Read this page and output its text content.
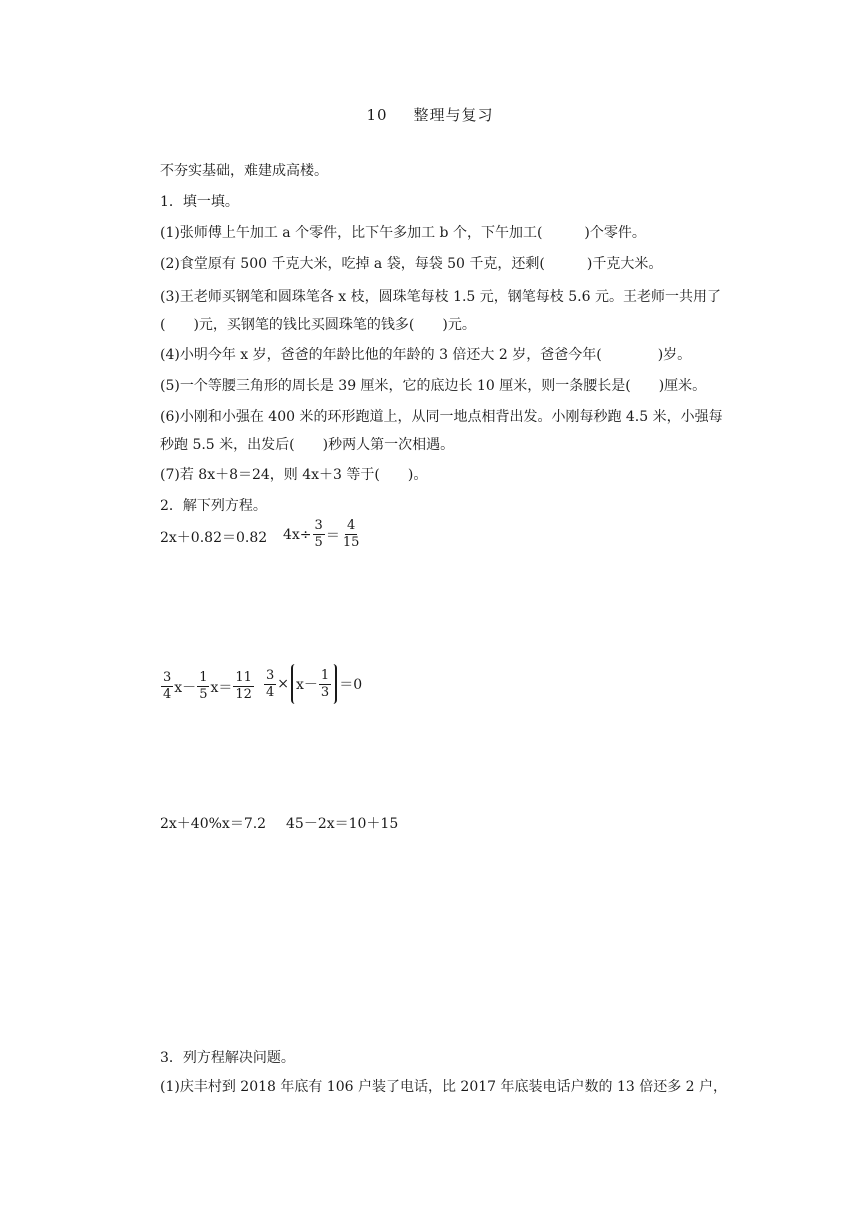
10 整理与复习
不夯实基础，难建成高楼。
1．填一填。
(1)张师傅上午加工 a 个零件，比下午多加工 b 个，下午加工(　　　)个零件。
(2)食堂原有 500 千克大米，吃掉 a 袋，每袋 50 千克，还剩(　　　)千克大米。
(3)王老师买钢笔和圆珠笔各 x 枝，圆珠笔每枝 1.5 元，钢笔每枝 5.6 元。王老师一共用了(　　)元，买钢笔的钱比买圆珠笔的钱多(　　)元。
(4)小明今年 x 岁，爸爸的年龄比他的年龄的 3 倍还大 2 岁，爸爸今年(　　　　)岁。
(5)一个等腰三角形的周长是 39 厘米，它的底边长 10 厘米，则一条腰长是(　　)厘米。
(6)小刚和小强在 400 米的环形跑道上，从同一地点相背出发。小刚每秒跑 4.5 米，小强每秒跑 5.5 米，出发后(　　)秒两人第一次相遇。
(7)若 8x＋8＝24，则 4x＋3 等于(　　)。
2．解下列方程。
2x＋0.82＝0.82 $4x\div \frac{3}{5} = \frac{4}{15}$
$\frac{3}{4} x- \frac{1}{5} x= \frac{11}{12} \frac{3}{4} \times x- \frac{1}{3} =0$
2x＋40%x＝7.2 45－2x＝10＋15
3．列方程解决问题。
(1)庆丰村到 2018 年底有 106 户装了电话，比 2017 年底装电话户数的 13 倍还多 2 户，
